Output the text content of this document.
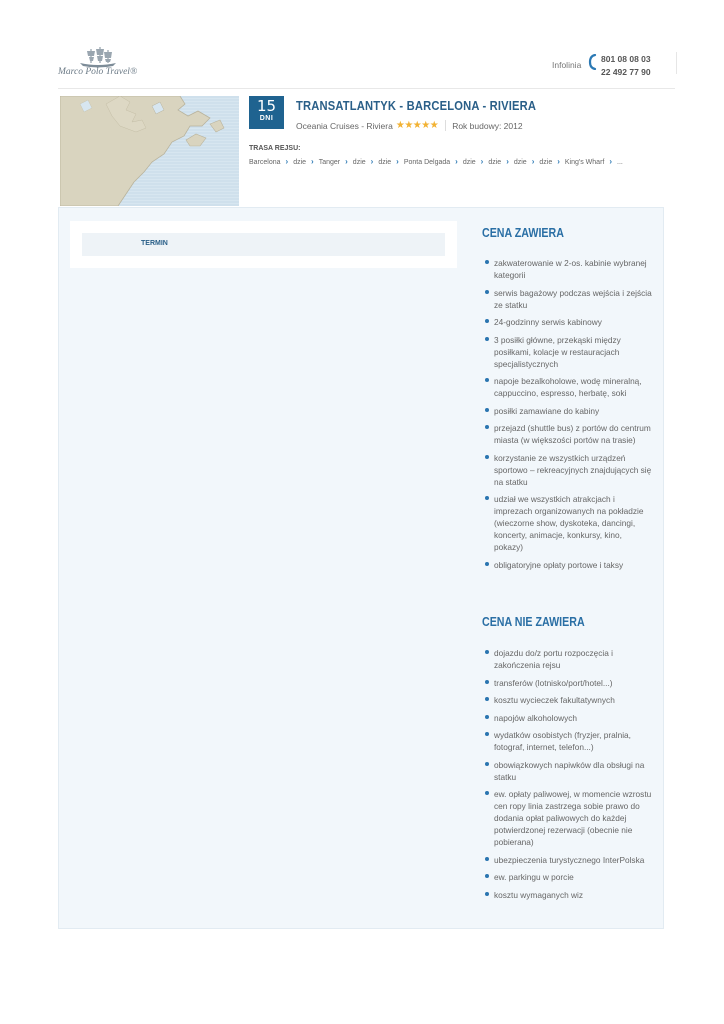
Marco Polo Travel®
Infolinia
801 08 08 03
22 492 77 90
15
DNI
TRANSATLANTYK - BARCELONA - RIVIERA
Oceania Cruises - Riviera ★★★★★ Rok budowy: 2012
TRASA REJSU:
Barcelona › dzie › Tanger › dzie › dzie › Ponta Delgada › dzie › dzie › dzie › dzie › King's Wharf › ...
TERMIN
CENA ZAWIERA
zakwaterowanie w 2-os. kabinie wybranej kategorii
serwis bagażowy podczas wejścia i zejścia ze statku
24-godzinny serwis kabinowy
3 posiłki główne, przekąski między posiłkami, kolacje w restauracjach specjalistycznych
napoje bezalkoholowe, wodę mineralną, cappuccino, espresso, herbatę, soki
posiłki zamawiane do kabiny
przejazd (shuttle bus) z portów do centrum miasta (w większości portów na trasie)
korzystanie ze wszystkich urządzeń sportowo – rekreacyjnych znajdujących się na statku
udział we wszystkich atrakcjach i imprezach organizowanych na pokładzie (wieczorne show, dyskoteka, dancingi, koncerty, animacje, konkursy, kino, pokazy)
obligatoryjne opłaty portowe i taksy
CENA NIE ZAWIERA
dojazdu do/z portu rozpoczęcia i zakończenia rejsu
transferów (lotnisko/port/hotel...)
kosztu wycieczek fakultatywnych
napojów alkoholowych
wydatków osobistych (fryzjer, pralnia, fotograf, internet, telefon...)
obowiązkowych napiwków dla obsługi na statku
ew. opłaty paliwowej, w momencie wzrostu cen ropy linia zastrzega sobie prawo do dodania opłat paliwowych do każdej potwierdzonej rezerwacji (obecnie nie pobierana)
ubezpieczenia turystycznego InterPolska
ew. parkingu w porcie
kosztu wymaganych wiz
